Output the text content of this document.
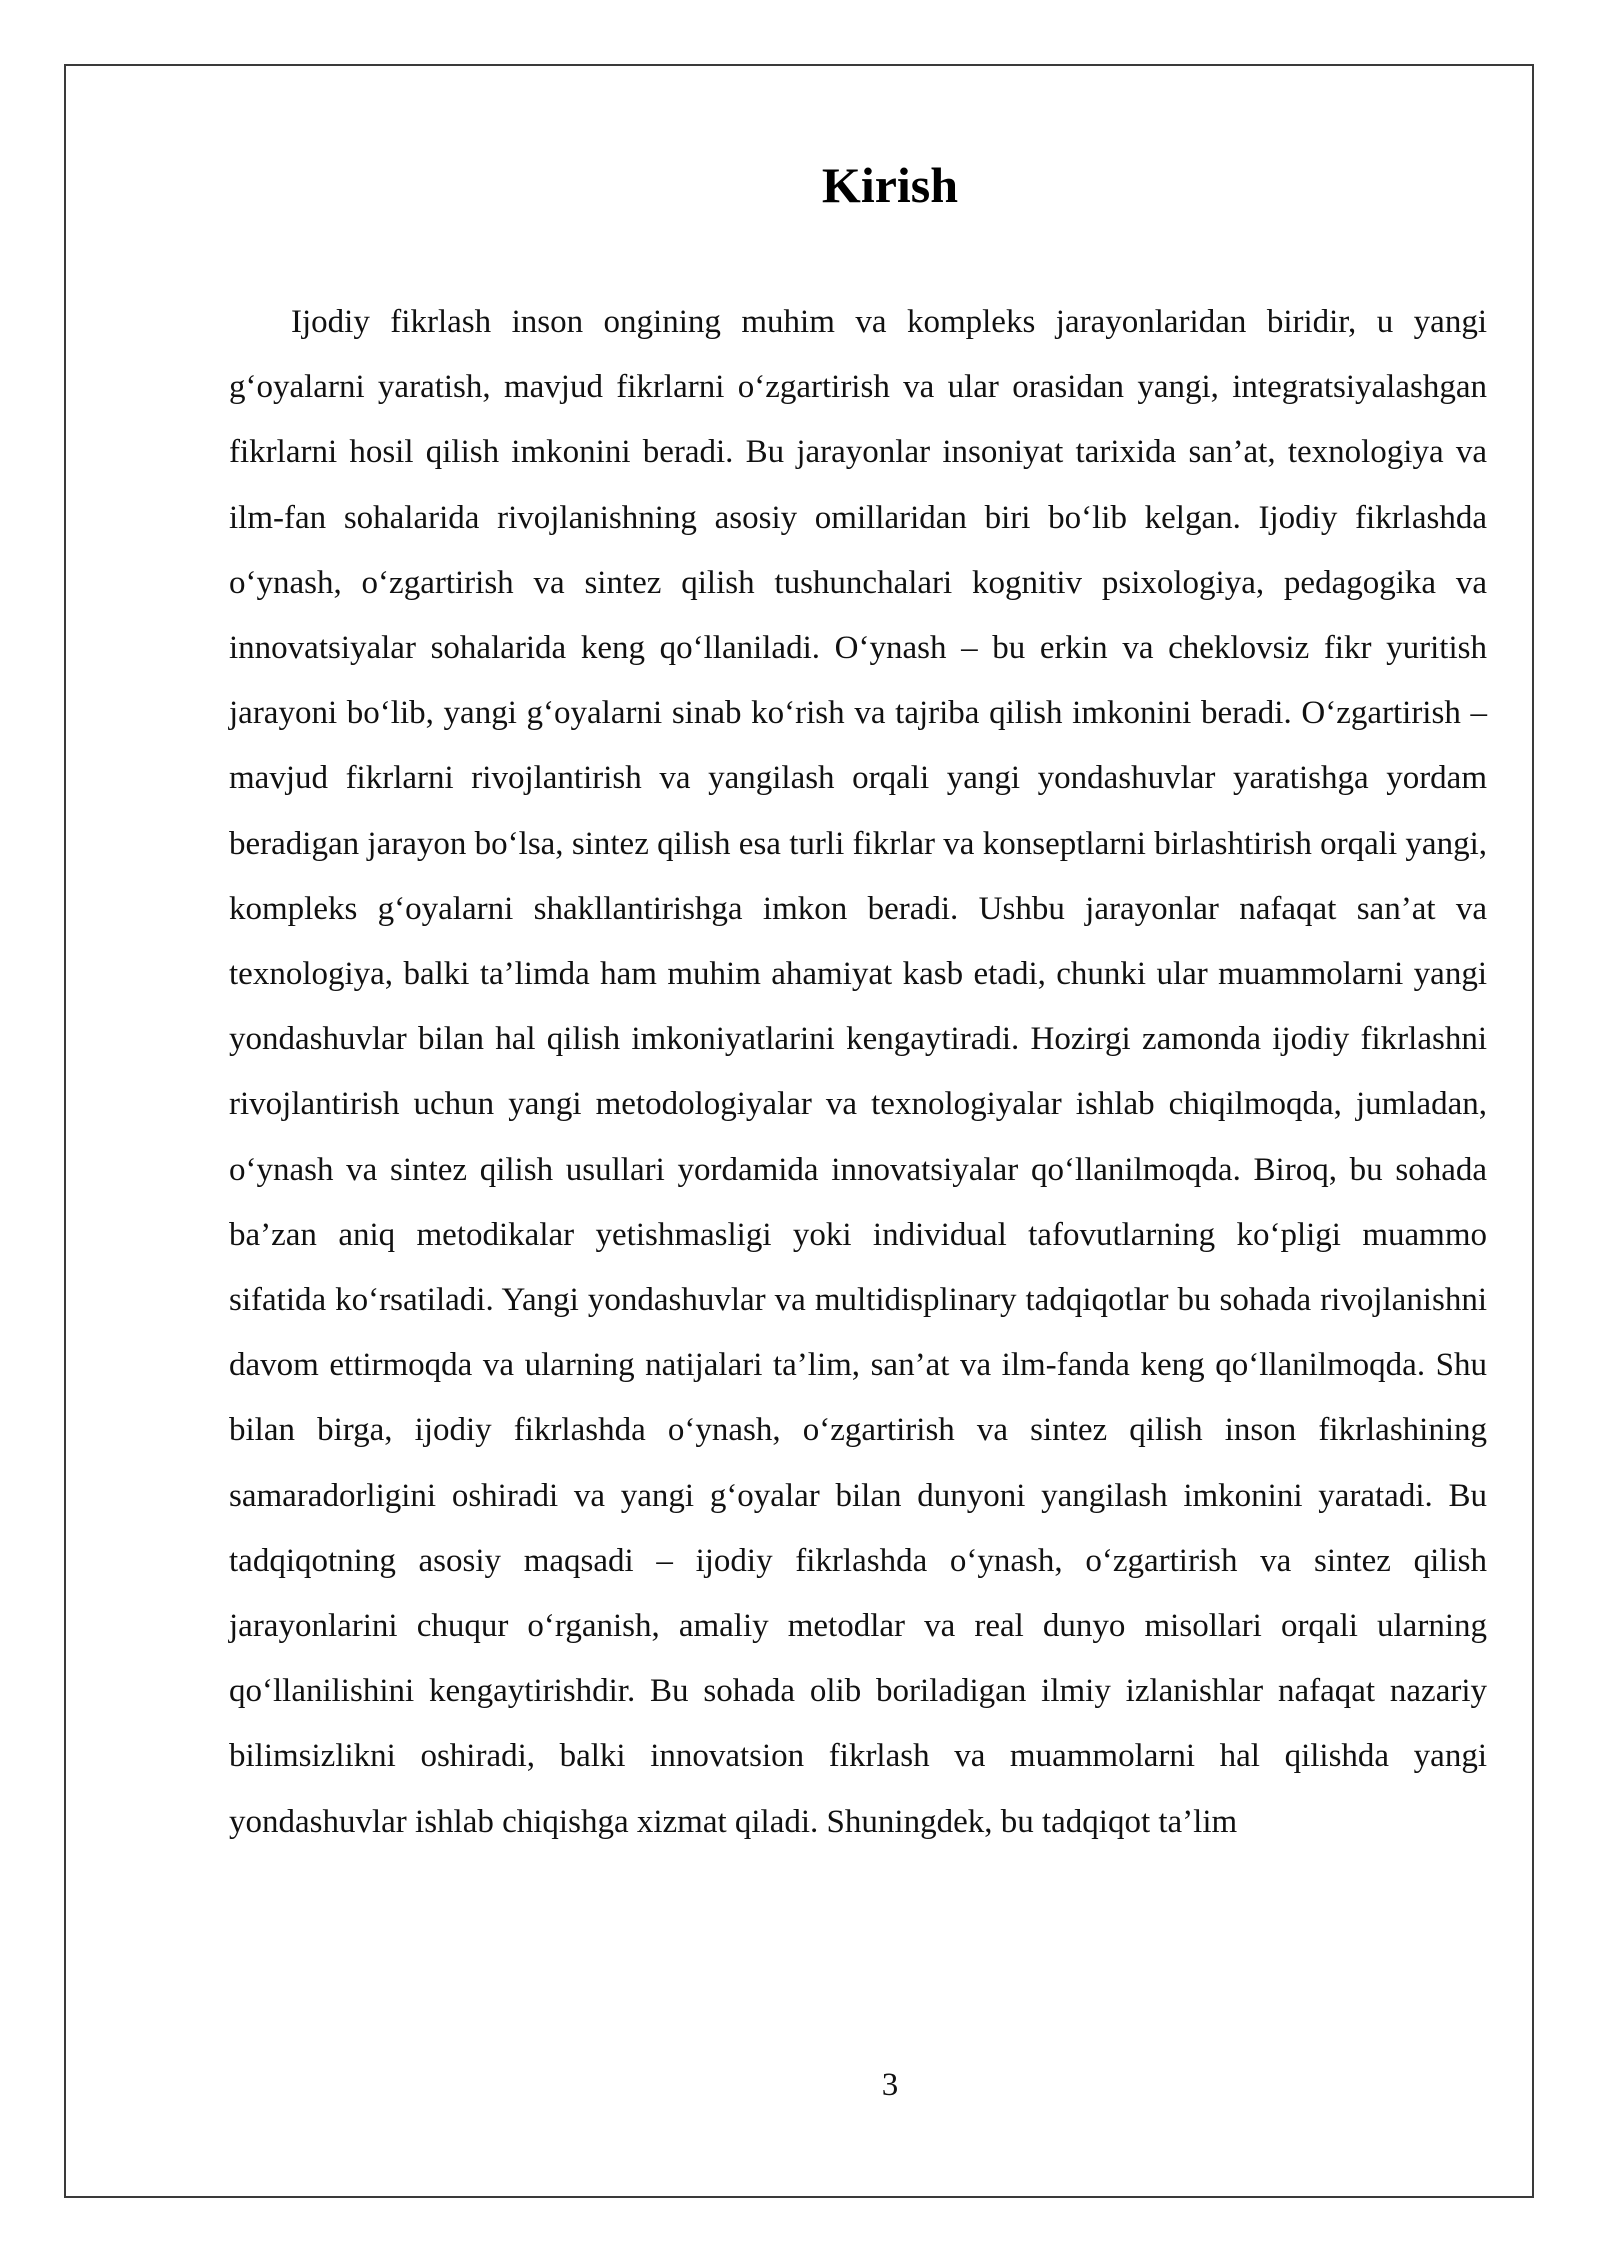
Kirish

Ijodiy fikrlash inson ongining muhim va kompleks jarayonlaridan biridir, u yangi g‘oyalarni yaratish, mavjud fikrlarni o‘zgartirish va ular orasidan yangi, integratsiyalashgan fikrlarni hosil qilish imkonini beradi. Bu jarayonlar insoniyat tarixida san’at, texnologiya va ilm-fan sohalarida rivojlanishning asosiy omillaridan biri bo‘lib kelgan. Ijodiy fikrlashda o‘ynash, o‘zgartirish va sintez qilish tushunchalari kognitiv psixologiya, pedagogika va innovatsiyalar sohalarida keng qo‘llaniladi. O‘ynash – bu erkin va cheklovsiz fikr yuritish jarayoni bo‘lib, yangi g‘oyalarni sinab ko‘rish va tajriba qilish imkonini beradi. O‘zgartirish – mavjud fikrlarni rivojlantirish va yangilash orqali yangi yondashuvlar yaratishga yordam beradigan jarayon bo‘lsa, sintez qilish esa turli fikrlar va konseptlarni birlashtirish orqali yangi, kompleks g‘oyalarni shakllantirishga imkon beradi. Ushbu jarayonlar nafaqat san’at va texnologiya, balki ta’limda ham muhim ahamiyat kasb etadi, chunki ular muammolarni yangi yondashuvlar bilan hal qilish imkoniyatlarini kengaytiradi. Hozirgi zamonda ijodiy fikrlashni rivojlantirish uchun yangi metodologiyalar va texnologiyalar ishlab chiqilmoqda, jumladan, o‘ynash va sintez qilish usullari yordamida innovatsiyalar qo‘llanilmoqda. Biroq, bu sohada ba’zan aniq metodikalar yetishmasligi yoki individual tafovutlarning ko‘pligi muammo sifatida ko‘rsatiladi. Yangi yondashuvlar va multidisplinary tadqiqotlar bu sohada rivojlanishni davom ettirmoqda va ularning natijalari ta’lim, san’at va ilm-fanda keng qo‘llanilmoqda. Shu bilan birga, ijodiy fikrlashda o‘ynash, o‘zgartirish va sintez qilish inson fikrlashining samaradorligini oshiradi va yangi g‘oyalar bilan dunyoni yangilash imkonini yaratadi. Bu tadqiqotning asosiy maqsadi – ijodiy fikrlashda o‘ynash, o‘zgartirish va sintez qilish jarayonlarini chuqur o‘rganish, amaliy metodlar va real dunyo misollari orqali ularning qo‘llanilishini kengaytirishdir. Bu sohada olib boriladigan ilmiy izlanishlar nafaqat nazariy bilimsizlikni oshiradi, balki innovatsion fikrlash va muammolarni hal qilishda yangi yondashuvlar ishlab chiqishga xizmat qiladi. Shuningdek, bu tadqiqot ta’lim

3
